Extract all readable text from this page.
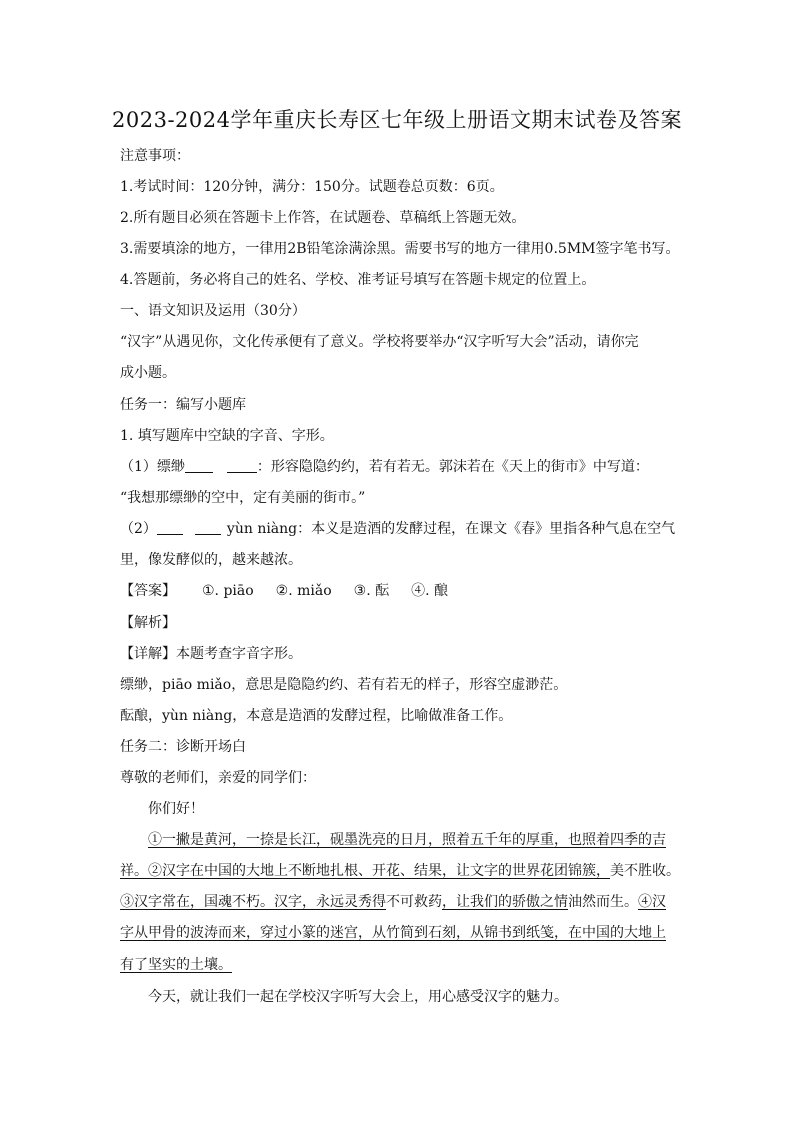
2023-2024学年重庆长寿区七年级上册语文期末试卷及答案
注意事项：
1.考试时间：120分钟，满分：150分。试题卷总页数：6页。
2.所有题目必须在答题卡上作答，在试题卷、草稿纸上答题无效。
3.需要填涂的地方，一律用2B铅笔涂满涂黑。需要书写的地方一律用0.5MM签字笔书写。
4.答题前，务必将自己的姓名、学校、准考证号填写在答题卡规定的位置上。
一、语文知识及运用（30分）
“汉字”从遇见你，文化传承便有了意义。学校将要举办“汉字听写大会”活动，请你完
成小题。
任务一：编写小题库
1. 填写题库中空缺的字音、字形。
（1）缥缈	：形容隐隐约约，若有若无。郭沫若在《天上的街市》中写道：
“我想那缥缈的空中，定有美丽的街市。”
（2）	yùn niàng：本义是造酒的发酵过程，在课文《春》里指各种气息在空气
里，像发酵似的，越来越浓。
【答案】 ①. piāo ②. miǎo ③. 酝 ④. 酿
【解析】
【详解】本题考查字音字形。
缥缈，piāo miǎo，意思是隐隐约约、若有若无的样子，形容空虚渺茫。
酝酿，yùn niàng，本意是造酒的发酵过程，比喻做准备工作。
任务二：诊断开场白
尊敬的老师们，亲爱的同学们：
你们好！
①一撇是黄河，一捺是长江，砚墨洗亮的日月，照着五千年的厚重，也照着四季的吉
祥。②汉字在中国的大地上不断地扎根、开花、结果，让文字的世界花团锦簇，美不胜收。
③汉字常在，国魂不朽。汉字，永远灵秀得不可救药，让我们的骄傲之情油然而生。④汉
字从甲骨的波涛而来，穿过小篆的迷宫，从竹简到石刻，从锦书到纸笺，在中国的大地上
有了坚实的土壤。
今天，就让我们一起在学校汉字听写大会上，用心感受汉字的魅力。
